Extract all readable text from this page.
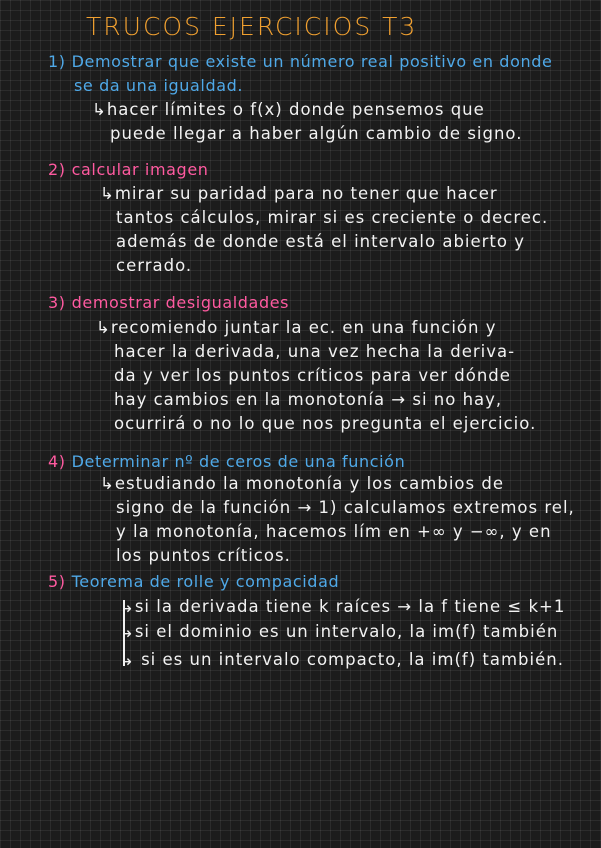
TRUCOS EJERCICIOS T3
1) Demostrar que existe un número real positivo en donde
se da una igualdad.
↳hacer límites o f(x) donde pensemos que
puede llegar a haber algún cambio de signo.
2) calcular imagen
↳mirar su paridad para no tener que hacer
tantos cálculos, mirar si es creciente o decrec.
además de donde está el intervalo abierto y
cerrado.
3) demostrar desigualdades
↳recomiendo juntar la ec. en una función y
hacer la derivada, una vez hecha la deriva-
da y ver los puntos críticos para ver dónde
hay cambios en la monotonía → si no hay,
ocurrirá o no lo que nos pregunta el ejercicio.
4) Determinar nº de ceros de una función
↳estudiando la monotonía y los cambios de
signo de la función → 1) calculamos extremos rel,
y la monotonía, hacemos lím en +∞ y −∞, y en
los puntos críticos.
5) Teorema de rolle y compacidad
↳si la derivada tiene k raíces → la f tiene ≤ k+1
↳si el dominio es un intervalo, la im(f) también
↳ si es un intervalo compacto, la im(f) también.
